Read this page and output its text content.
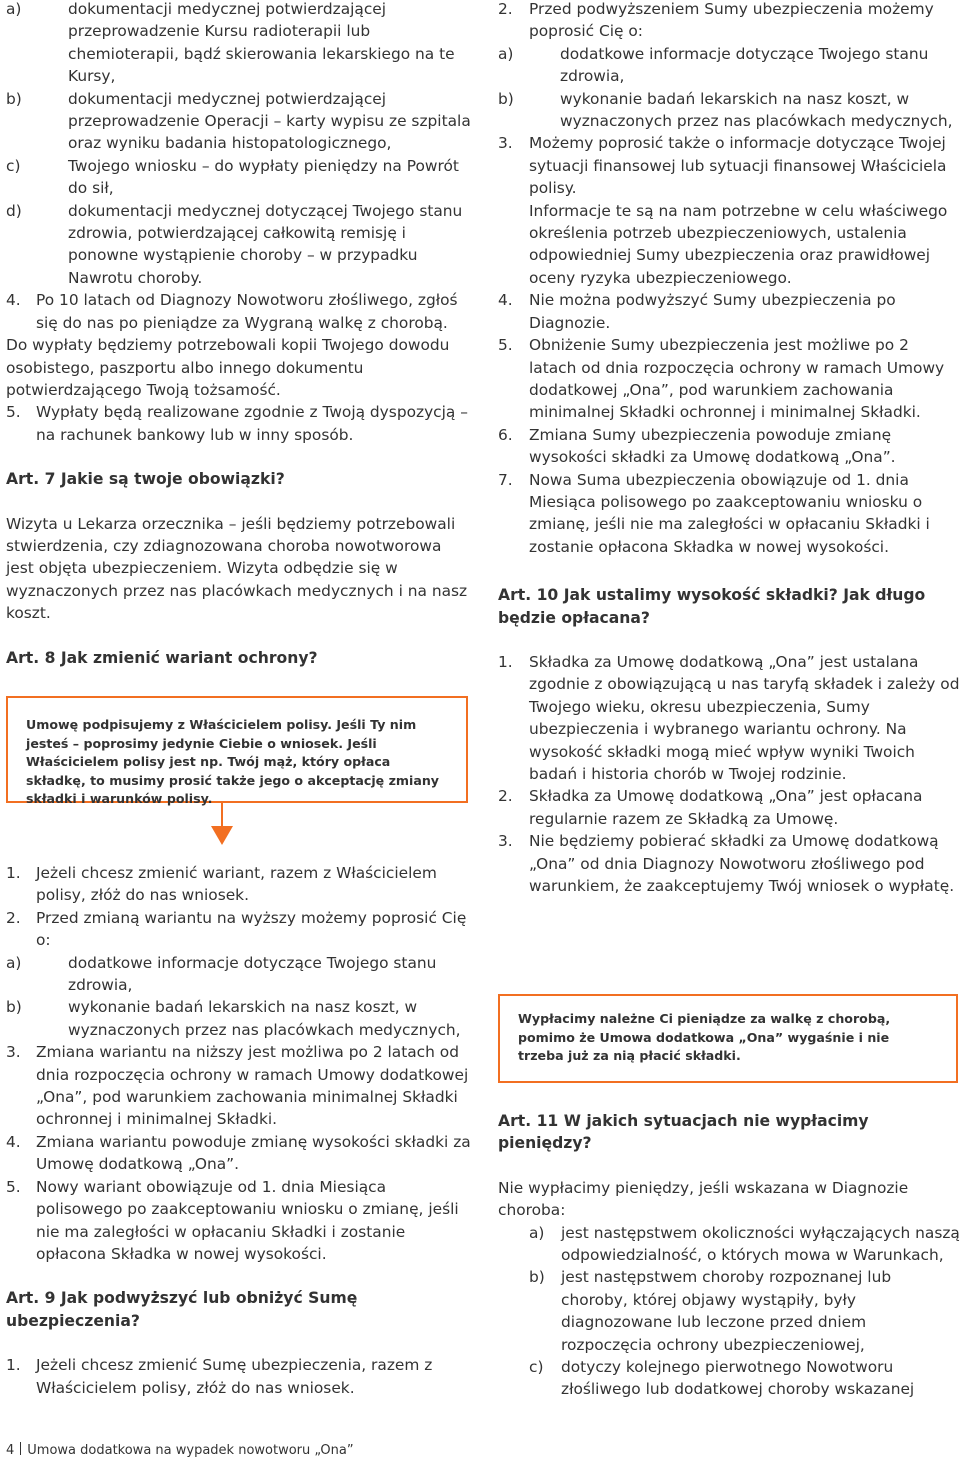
a)	dokumentacji medycznej potwierdzającej przeprowadzenie Kursu radioterapii lub chemioterapii, bądź skierowania lekarskiego na te Kursy,
b)	dokumentacji medycznej potwierdzającej przeprowadzenie Operacji – karty wypisu ze szpitala oraz wyniku badania histopatologicznego,
c)	Twojego wniosku – do wypłaty pieniędzy na Powrót do sił,
d)	dokumentacji medycznej dotyczącej Twojego stanu zdrowia, potwierdzającej całkowitą remisję i ponowne wystąpienie choroby – w przypadku Nawrotu choroby.
4. Po 10 latach od Diagnozy Nowotworu złośliwego, zgłoś się do nas po pieniądze za Wygraną walkę z chorobą.

Do wypłaty będziemy potrzebowali kopii Twojego dowodu osobistego, paszportu albo innego dokumentu potwierdzającego Twoją tożsamość.

5. Wypłaty będą realizowane zgodnie z Twoją dyspozycją – na rachunek bankowy lub w inny sposób.
Art. 7 Jakie są twoje obowiązki?

Wizyta u Lekarza orzecznika – jeśli będziemy potrzebowali stwierdzenia, czy zdiagnozowana choroba nowotworowa jest objęta ubezpieczeniem. Wizyta odbędzie się w wyznaczonych przez nas placówkach medycznych i na nasz koszt.

Art. 8 Jak zmienić wariant ochrony?

Umowę podpisujemy z Właścicielem polisy. Jeśli Ty nim jesteś – poprosimy jedynie Ciebie o wniosek. Jeśli Właścicielem polisy jest np. Twój mąż, który opłaca składkę, to musimy prosić także jego o akceptację zmiany składki i warunków polisy.

1. Jeżeli chcesz zmienić wariant, razem z Właścicielem polisy, złóż do nas wniosek.
2. Przed zmianą wariantu na wyższy możemy poprosić Cię o:
a)	dodatkowe informacje dotyczące Twojego stanu zdrowia,
b)	wykonanie badań lekarskich na nasz koszt, w wyznaczonych przez nas placówkach medycznych,
3. Zmiana wariantu na niższy jest możliwa po 2 latach od dnia rozpoczęcia ochrony w ramach Umowy dodatkowej „Ona”, pod warunkiem zachowania minimalnej Składki ochronnej i minimalnej Składki.
4. Zmiana wariantu powoduje zmianę wysokości składki za Umowę dodatkową „Ona”.
5. Nowy wariant obowiązuje od 1. dnia Miesiąca polisowego po zaakceptowaniu wniosku o zmianę, jeśli nie ma zaległości w opłacaniu Składki i zostanie opłacona Składka w nowej wysokości.
Art. 9 Jak podwyższyć lub obniżyć Sumę ubezpieczenia?
1. Jeżeli chcesz zmienić Sumę ubezpieczenia, razem z Właścicielem polisy, złóż do nas wniosek.
2.	Przed podwyższeniem Sumy ubezpieczenia możemy poprosić Cię o:
a)	dodatkowe informacje dotyczące Twojego stanu zdrowia,
b)	wykonanie badań lekarskich na nasz koszt, w wyznaczonych przez nas placówkach medycznych,
3.	Możemy poprosić także o informacje dotyczące Twojej sytuacji finansowej lub sytuacji finansowej Właściciela polisy.

Informacje te są na nam potrzebne w celu właściwego określenia potrzeb ubezpieczeniowych, ustalenia odpowiedniej Sumy ubezpieczenia oraz prawidłowej oceny ryzyka ubezpieczeniowego.

4.	Nie można podwyższyć Sumy ubezpieczenia po Diagnozie.
5.	Obniżenie Sumy ubezpieczenia jest możliwe po 2 latach od dnia rozpoczęcia ochrony w ramach Umowy dodatkowej „Ona”, pod warunkiem zachowania minimalnej Składki ochronnej i minimalnej Składki.
6.	Zmiana Sumy ubezpieczenia powoduje zmianę wysokości składki za Umowę dodatkową „Ona”.
7.	Nowa Suma ubezpieczenia obowiązuje od 1. dnia Miesiąca polisowego po zaakceptowaniu wniosku o zmianę, jeśli nie ma zaległości w opłacaniu Składki i zostanie opłacona Składka w nowej wysokości.
Art. 10 Jak ustalimy wysokość składki? Jak długo będzie opłacana?
1.	Składka za Umowę dodatkową „Ona” jest ustalana zgodnie z obowiązującą u nas taryfą składek i zależy od Twojego wieku, okresu ubezpieczenia, Sumy ubezpieczenia i wybranego wariantu ochrony. Na wysokość składki mogą mieć wpływ wyniki Twoich badań i historia chorób w Twojej rodzinie.
2.	Składka za Umowę dodatkową „Ona” jest opłacana regularnie razem ze Składką za Umowę.
3.	Nie będziemy pobierać składki za Umowę dodatkową „Ona” od dnia Diagnozy Nowotworu złośliwego pod warunkiem, że zaakceptujemy Twój wniosek o wypłatę.

Wypłacimy należne Ci pieniądze za walkę z chorobą, pomimo że Umowa dodatkowa „Ona” wygaśnie i nie trzeba już za nią płacić składki.

Art. 11 W jakich sytuacjach nie wypłacimy pieniędzy?

Nie wypłacimy pieniędzy, jeśli wskazana w Diagnozie choroba:

a)	jest następstwem okoliczności wyłączających naszą odpowiedzialność, o których mowa w Warunkach,
b)	jest następstwem choroby rozpoznanej lub choroby, której objawy wystąpiły, były diagnozowane lub leczone przed dniem rozpoczęcia ochrony ubezpieczeniowej,
c)	dotyczy kolejnego pierwotnego Nowotworu złośliwego lub dodatkowej choroby wskazanej
4 Umowa dodatkowa na wypadek nowotworu „Ona”
